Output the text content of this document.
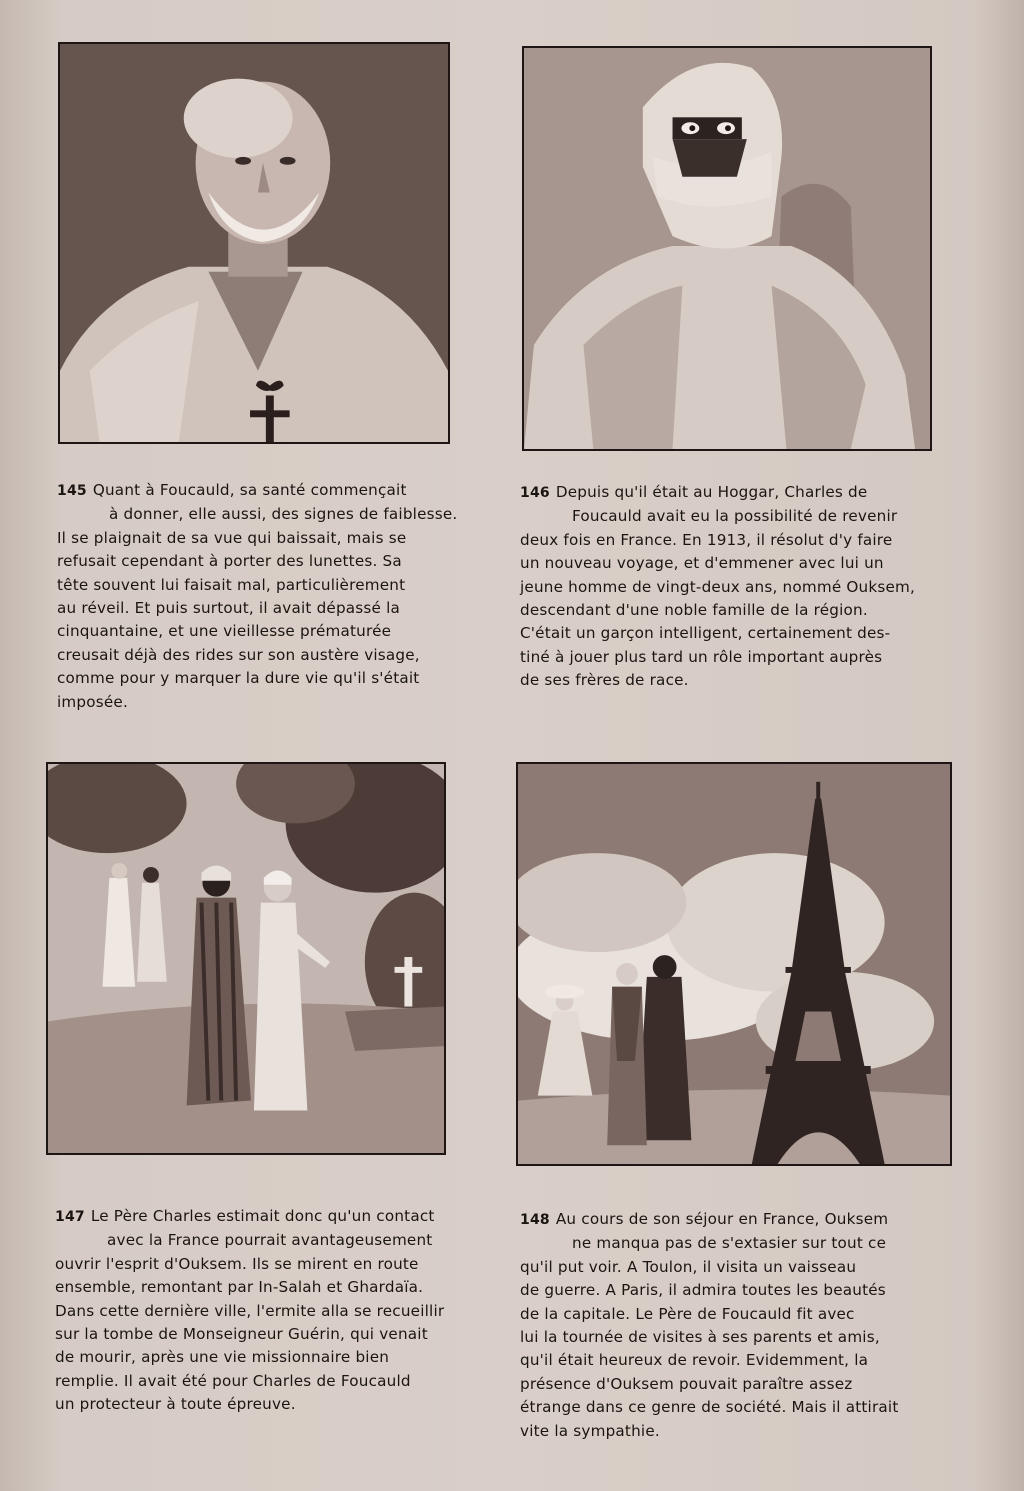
145 Quant à Foucauld, sa santé commençait

à donner, elle aussi, des signes de faiblesse.

Il se plaignait de sa vue qui baissait, mais se

refusait cependant à porter des lunettes. Sa

tête souvent lui faisait mal, particulièrement

au réveil. Et puis surtout, il avait dépassé la

cinquantaine, et une vieillesse prématurée

creusait déjà des rides sur son austère visage,

comme pour y marquer la dure vie qu'il s'était

imposée.

146 Depuis qu'il était au Hoggar, Charles de

Foucauld avait eu la possibilité de revenir

deux fois en France. En 1913, il résolut d'y faire

un nouveau voyage, et d'emmener avec lui un

jeune homme de vingt-deux ans, nommé Ouksem,

descendant d'une noble famille de la région.

C'était un garçon intelligent, certainement des-

tiné à jouer plus tard un rôle important auprès

de ses frères de race.

147 Le Père Charles estimait donc qu'un contact

avec la France pourrait avantageusement

ouvrir l'esprit d'Ouksem. Ils se mirent en route

ensemble, remontant par In-Salah et Ghardaïa.

Dans cette dernière ville, l'ermite alla se recueillir

sur la tombe de Monseigneur Guérin, qui venait

de mourir, après une vie missionnaire bien

remplie. Il avait été pour Charles de Foucauld

un protecteur à toute épreuve.

148 Au cours de son séjour en France, Ouksem

ne manqua pas de s'extasier sur tout ce

qu'il put voir. A Toulon, il visita un vaisseau

de guerre. A Paris, il admira toutes les beautés

de la capitale. Le Père de Foucauld fit avec

lui la tournée de visites à ses parents et amis,

qu'il était heureux de revoir. Evidemment, la

présence d'Ouksem pouvait paraître assez

étrange dans ce genre de société. Mais il attirait

vite la sympathie.
